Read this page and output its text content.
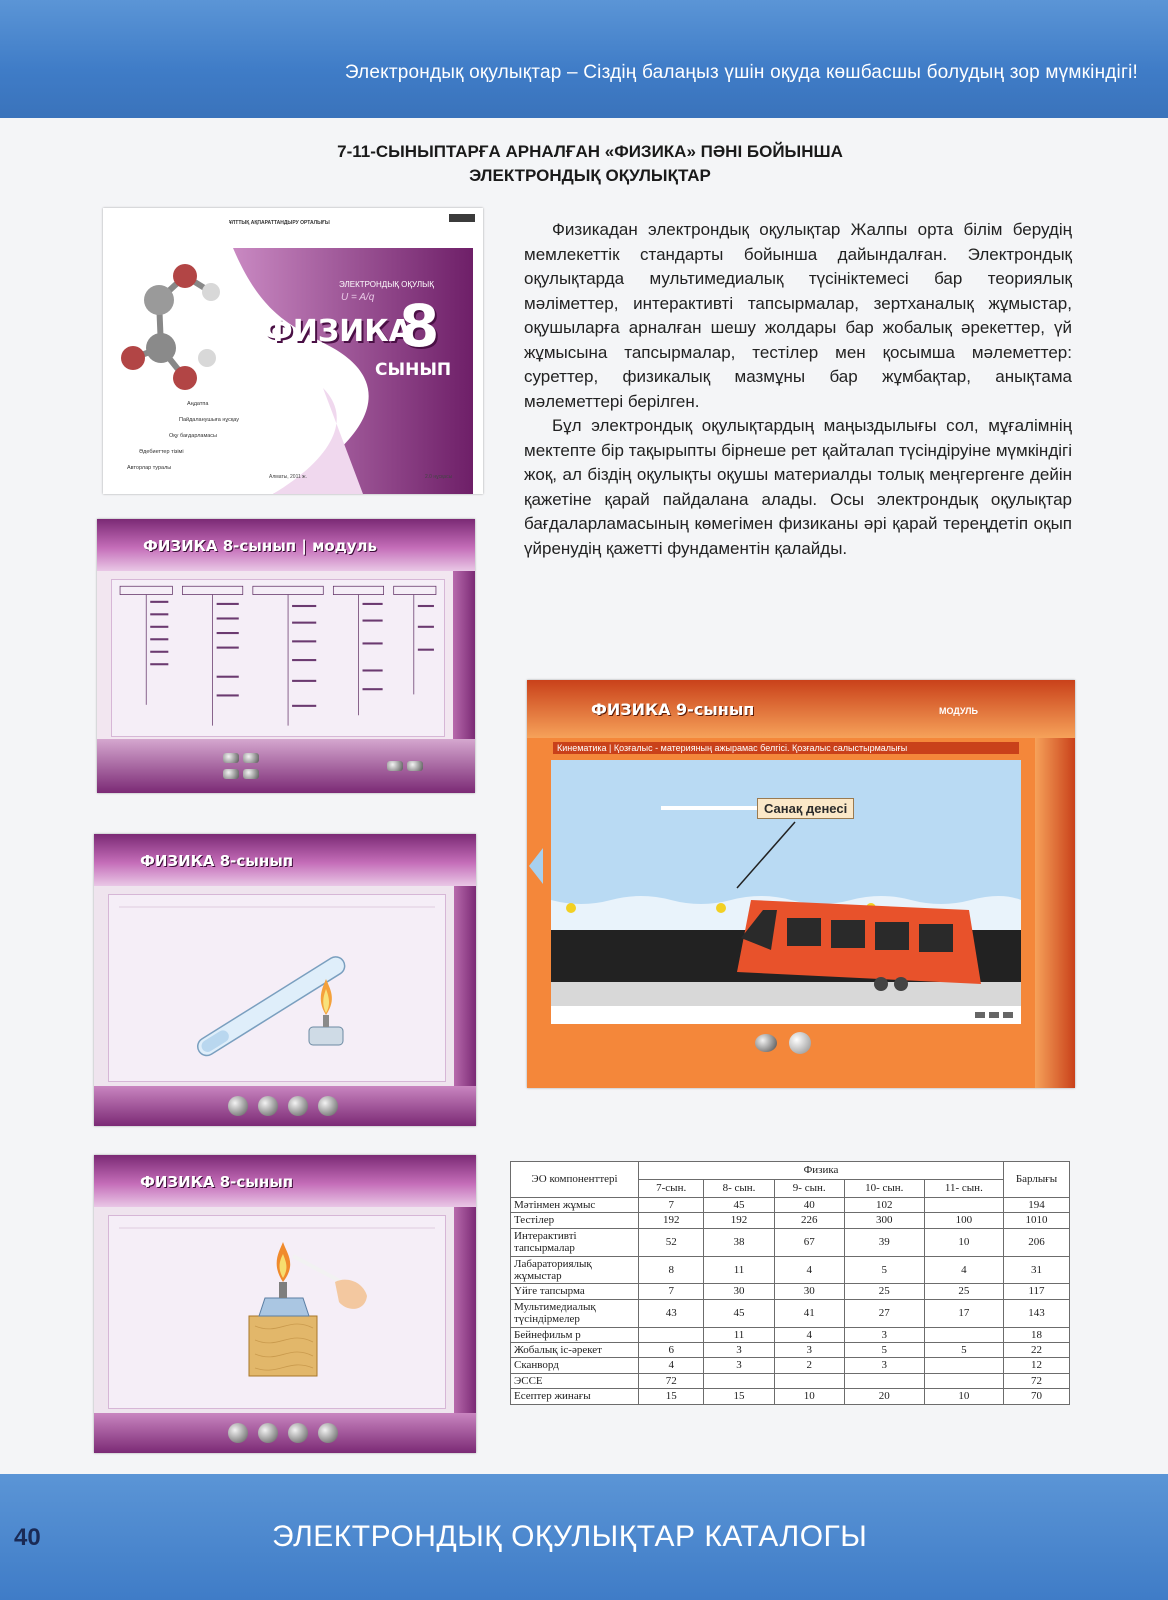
Электрондық оқулықтар – Сіздің балаңыз үшін оқуда көшбасшы болудың зор мүмкіндігі!
7-11-СЫНЫПТАРҒА АРНАЛҒАН «ФИЗИКА» ПӘНІ БОЙЫНША
ЭЛЕКТРОНДЫҚ ОҚУЛЫҚТАР
ҰЛТТЫҚ АҚПАРАТТАНДЫРУ ОРТАЛЫҒЫ
ЭЛЕКТРОНДЫҚ ОҚУЛЫҚ
U = A/q
ФИЗИКА
8
СЫНЫП
Аңдатпа
Пайдаланушыға нұсқау
Оқу бағдарламасы
Әдебиеттер тізімі
Авторлар туралы
Алматы, 2011 ж.	2.0 нұсқасы
ФИЗИКА 8-сынып | модуль
ФИЗИКА 8-сынып
ФИЗИКА 8-сынып

Физикадан электрондық оқулықтар Жалпы орта білім берудің мемлекеттік стандарты бойынша дайындалған. Электрондық оқулықтарда мультимедиалық түсініктемесі бар теориялық мәліметтер, интерактивті тапсырмалар, зертханалық жұмыстар, оқушыларға арналған шешу жолдары бар жобалық әрекеттер, үй жұмысына тапсырмалар, тестілер мен қосымша мәлеметтер: суреттер, физикалық мазмұны бар жұмбақтар, анықтама мәлеметтері берілген.

Бұл электрондық оқулықтардың маңыздылығы сол, мұғалімнің мектепте бір тақырыпты бірнеше рет қайталап түсіндіруіне мүмкіндігі жоқ, ал біздің оқулықты оқушы материалды толық меңгергенге дейін қажетіне қарай пайдалана алады. Осы электрондық оқулықтар бағдаларламасының көмегімен физиканы әрі қарай тереңдетіп оқып үйренудің қажетті фундаментін қалайды.

ФИЗИКА 9-сынып	МОДУЛЬ
Кинематика | Қозғалыс - материяның ажырамас белгісі. Қозғалыс салыстырмалығы
Санақ денесі
ЭО компоненттері	Физика					Барлығы
	7-сын.	8- сын.	9- сын.	10- сын.	11- сын.	
Мәтінмен жұмыс	7	45	40	102		194
Тестілер	192	192	226	300	100	1010
Интерактивті тапсырмалар	52	38	67	39	10	206
Лабараториялық жұмыстар	8	11	4	5	4	31
Үйге тапсырма	7	30	30	25	25	117
Мультимедиалық түсіндірмелер	43	45	41	27	17	143
Бейнефильм р		11	4	3		18
Жобалық іс-әрекет	6	3	3	5	5	22
Сканворд	4	3	2	3		12
ЭССЕ	72					72
Есептер жинағы	15	15	10	20	10	70
40	ЭЛЕКТРОНДЫҚ ОҚУЛЫҚТАР КАТАЛОГЫ
